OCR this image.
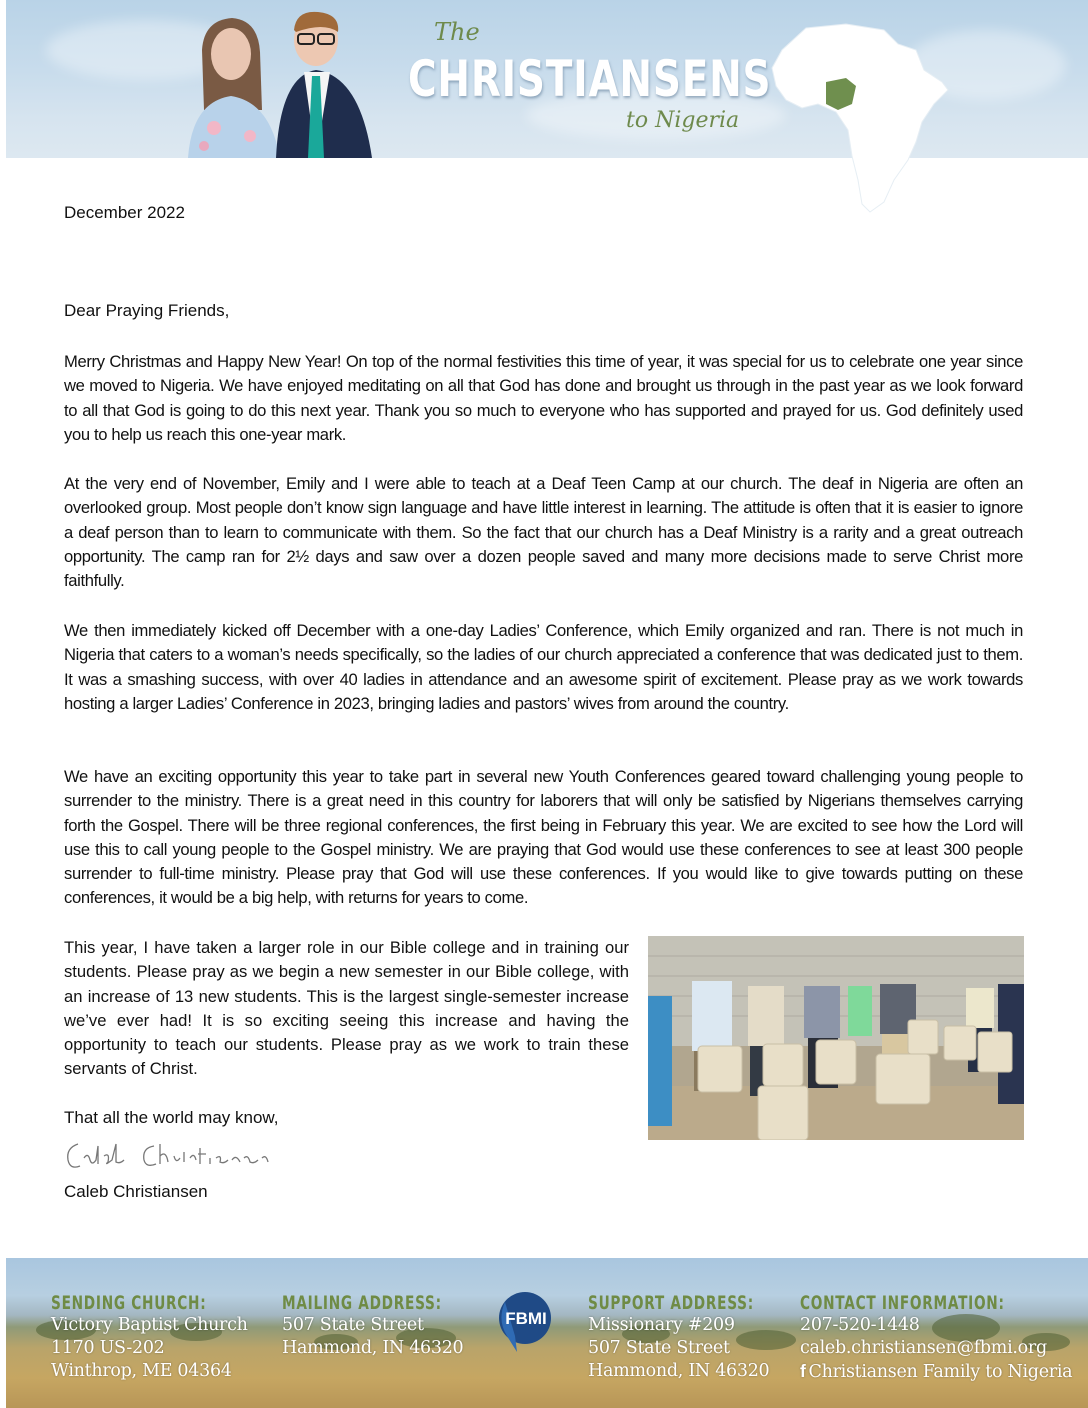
The
CHRISTIANSENS
to Nigeria
December 2022
Dear Praying Friends,
Merry Christmas and Happy New Year! On top of the normal festivities this time of year, it was special for us to celebrate one year since we moved to Nigeria. We have enjoyed meditating on all that God has done and brought us through in the past year as we look forward to all that God is going to do this next year. Thank you so much to everyone who has supported and prayed for us. God definitely used you to help us reach this one-year mark.
At the very end of November, Emily and I were able to teach at a Deaf Teen Camp at our church. The deaf in Nigeria are often an overlooked group. Most people don’t know sign language and have little interest in learning. The attitude is often that it is easier to ignore a deaf person than to learn to communicate with them. So the fact that our church has a Deaf Ministry is a rarity and a great outreach opportunity. The camp ran for 2½ days and saw over a dozen people saved and many more decisions made to serve Christ more faithfully.
We then immediately kicked off December with a one-day Ladies’ Conference, which Emily organized and ran. There is not much in Nigeria that caters to a woman’s needs specifically, so the ladies of our church appreciated a conference that was dedicated just to them. It was a smashing success, with over 40 ladies in attendance and an awesome spirit of excitement. Please pray as we work towards hosting a larger Ladies’ Conference in 2023, bringing ladies and pastors’ wives from around the country.
We have an exciting opportunity this year to take part in several new Youth Conferences geared toward challenging young people to surrender to the ministry. There is a great need in this country for laborers that will only be satisfied by Nigerians themselves carrying forth the Gospel. There will be three regional conferences, the first being in February this year. We are excited to see how the Lord will use this to call young people to the Gospel ministry. We are praying that God would use these conferences to see at least 300 people surrender to full-time ministry. Please pray that God will use these conferences. If you would like to give towards putting on these conferences, it would be a big help, with returns for years to come.
This year, I have taken a larger role in our Bible college and in training our students. Please pray as we begin a new semester in our Bible college, with an increase of 13 new students. This is the largest single-semester increase we’ve ever had! It is so exciting seeing this increase and having the opportunity to teach our students. Please pray as we work to train these servants of Christ.
That all the world may know,
Caleb Christiansen
FBMI
SENDING CHURCH:
Victory Baptist Church
1170 US-202
Winthrop, ME 04364
MAILING ADDRESS:
507 State Street
Hammond, IN 46320
SUPPORT ADDRESS:
Missionary #209
507 State Street
Hammond, IN 46320
CONTACT INFORMATION:
207-520-1448
caleb.christiansen@fbmi.org
f Christiansen Family to Nigeria
